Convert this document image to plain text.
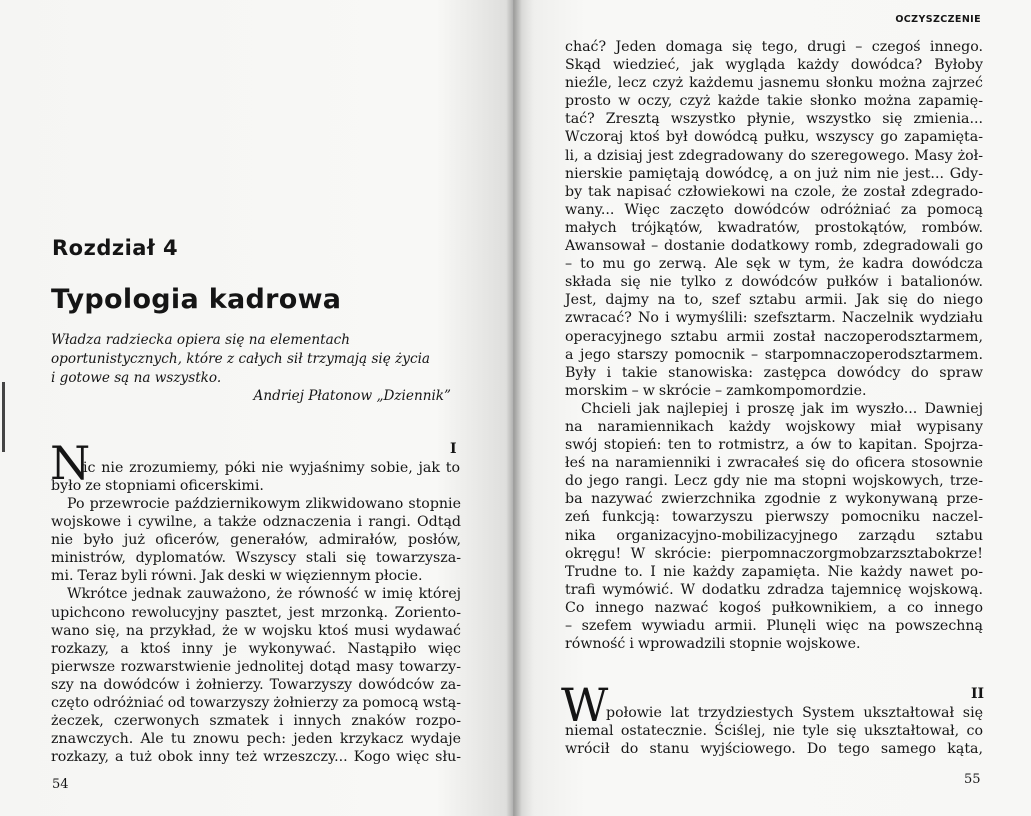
Rozdział 4
Typologia kadrowa
Władza radziecka opiera się na elementach
oportunistycznych, które z całych sił trzymają się życia
i gotowe są na wszystko.
Andriej Płatonow „Dziennik”
I
N
ic nie zrozumiemy, póki nie wyjaśnimy sobie, jak to
było ze stopniami oficerskimi.
Po przewrocie październikowym zlikwidowano stopnie
wojskowe i cywilne, a także odznaczenia i rangi. Odtąd
nie było już oficerów, generałów, admirałów, posłów,
ministrów, dyplomatów. Wszyscy stali się towarzysza-
mi. Teraz byli równi. Jak deski w więziennym płocie.
Wkrótce jednak zauważono, że równość w imię której
upichcono rewolucyjny pasztet, jest mrzonką. Zoriento-
wano się, na przykład, że w wojsku ktoś musi wydawać
rozkazy, a ktoś inny je wykonywać. Nastąpiło więc
pierwsze rozwarstwienie jednolitej dotąd masy towarzy-
szy na dowódców i żołnierzy. Towarzyszy dowódców za-
częto odróżniać od towarzyszy żołnierzy za pomocą wstą-
żeczek, czerwonych szmatek i innych znaków rozpo-
znawczych. Ale tu znowu pech: jeden krzykacz wydaje
rozkazy, a tuż obok inny też wrzeszczy... Kogo więc słu-
54
OCZYSZCZENIE
chać? Jeden domaga się tego, drugi – czegoś innego.
Skąd wiedzieć, jak wygląda każdy dowódca? Byłoby
nieźle, lecz czyż każdemu jasnemu słonku można zajrzeć
prosto w oczy, czyż każde takie słonko można zapamię-
tać? Zresztą wszystko płynie, wszystko się zmienia...
Wczoraj ktoś był dowódcą pułku, wszyscy go zapamięta-
li, a dzisiaj jest zdegradowany do szeregowego. Masy żoł-
nierskie pamiętają dowódcę, a on już nim nie jest... Gdy-
by tak napisać człowiekowi na czole, że został zdegrado-
wany... Więc zaczęto dowódców odróżniać za pomocą
małych trójkątów, kwadratów, prostokątów, rombów.
Awansował – dostanie dodatkowy romb, zdegradowali go
– to mu go zerwą. Ale sęk w tym, że kadra dowódcza
składa się nie tylko z dowódców pułków i batalionów.
Jest, dajmy na to, szef sztabu armii. Jak się do niego
zwracać? No i wymyślili: szefsztarm. Naczelnik wydziału
operacyjnego sztabu armii został naczoperodsztarmem,
a jego starszy pomocnik – starpomnaczoperodsztarmem.
Były i takie stanowiska: zastępca dowódcy do spraw
morskim – w skrócie – zamkompomordzie.
Chcieli jak najlepiej i proszę jak im wyszło... Dawniej
na naramiennikach każdy wojskowy miał wypisany
swój stopień: ten to rotmistrz, a ów to kapitan. Spojrza-
łeś na naramienniki i zwracałeś się do oficera stosownie
do jego rangi. Lecz gdy nie ma stopni wojskowych, trze-
ba nazywać zwierzchnika zgodnie z wykonywaną prze-
zeń funkcją: towarzyszu pierwszy pomocniku naczel-
nika organizacyjno-mobilizacyjnego zarządu sztabu
okręgu! W skrócie: pierpomnaczorgmobzarzsztabokrze!
Trudne to. I nie każdy zapamięta. Nie każdy nawet po-
trafi wymówić. W dodatku zdradza tajemnicę wojskową.
Co innego nazwać kogoś pułkownikiem, a co innego
– szefem wywiadu armii. Plunęli więc na powszechną
równość i wprowadzili stopnie wojskowe.
II
W
połowie lat trzydziestych System ukształtował się
niemal ostatecznie. Ściślej, nie tyle się ukształtował, co
wrócił do stanu wyjściowego. Do tego samego kąta,
55
